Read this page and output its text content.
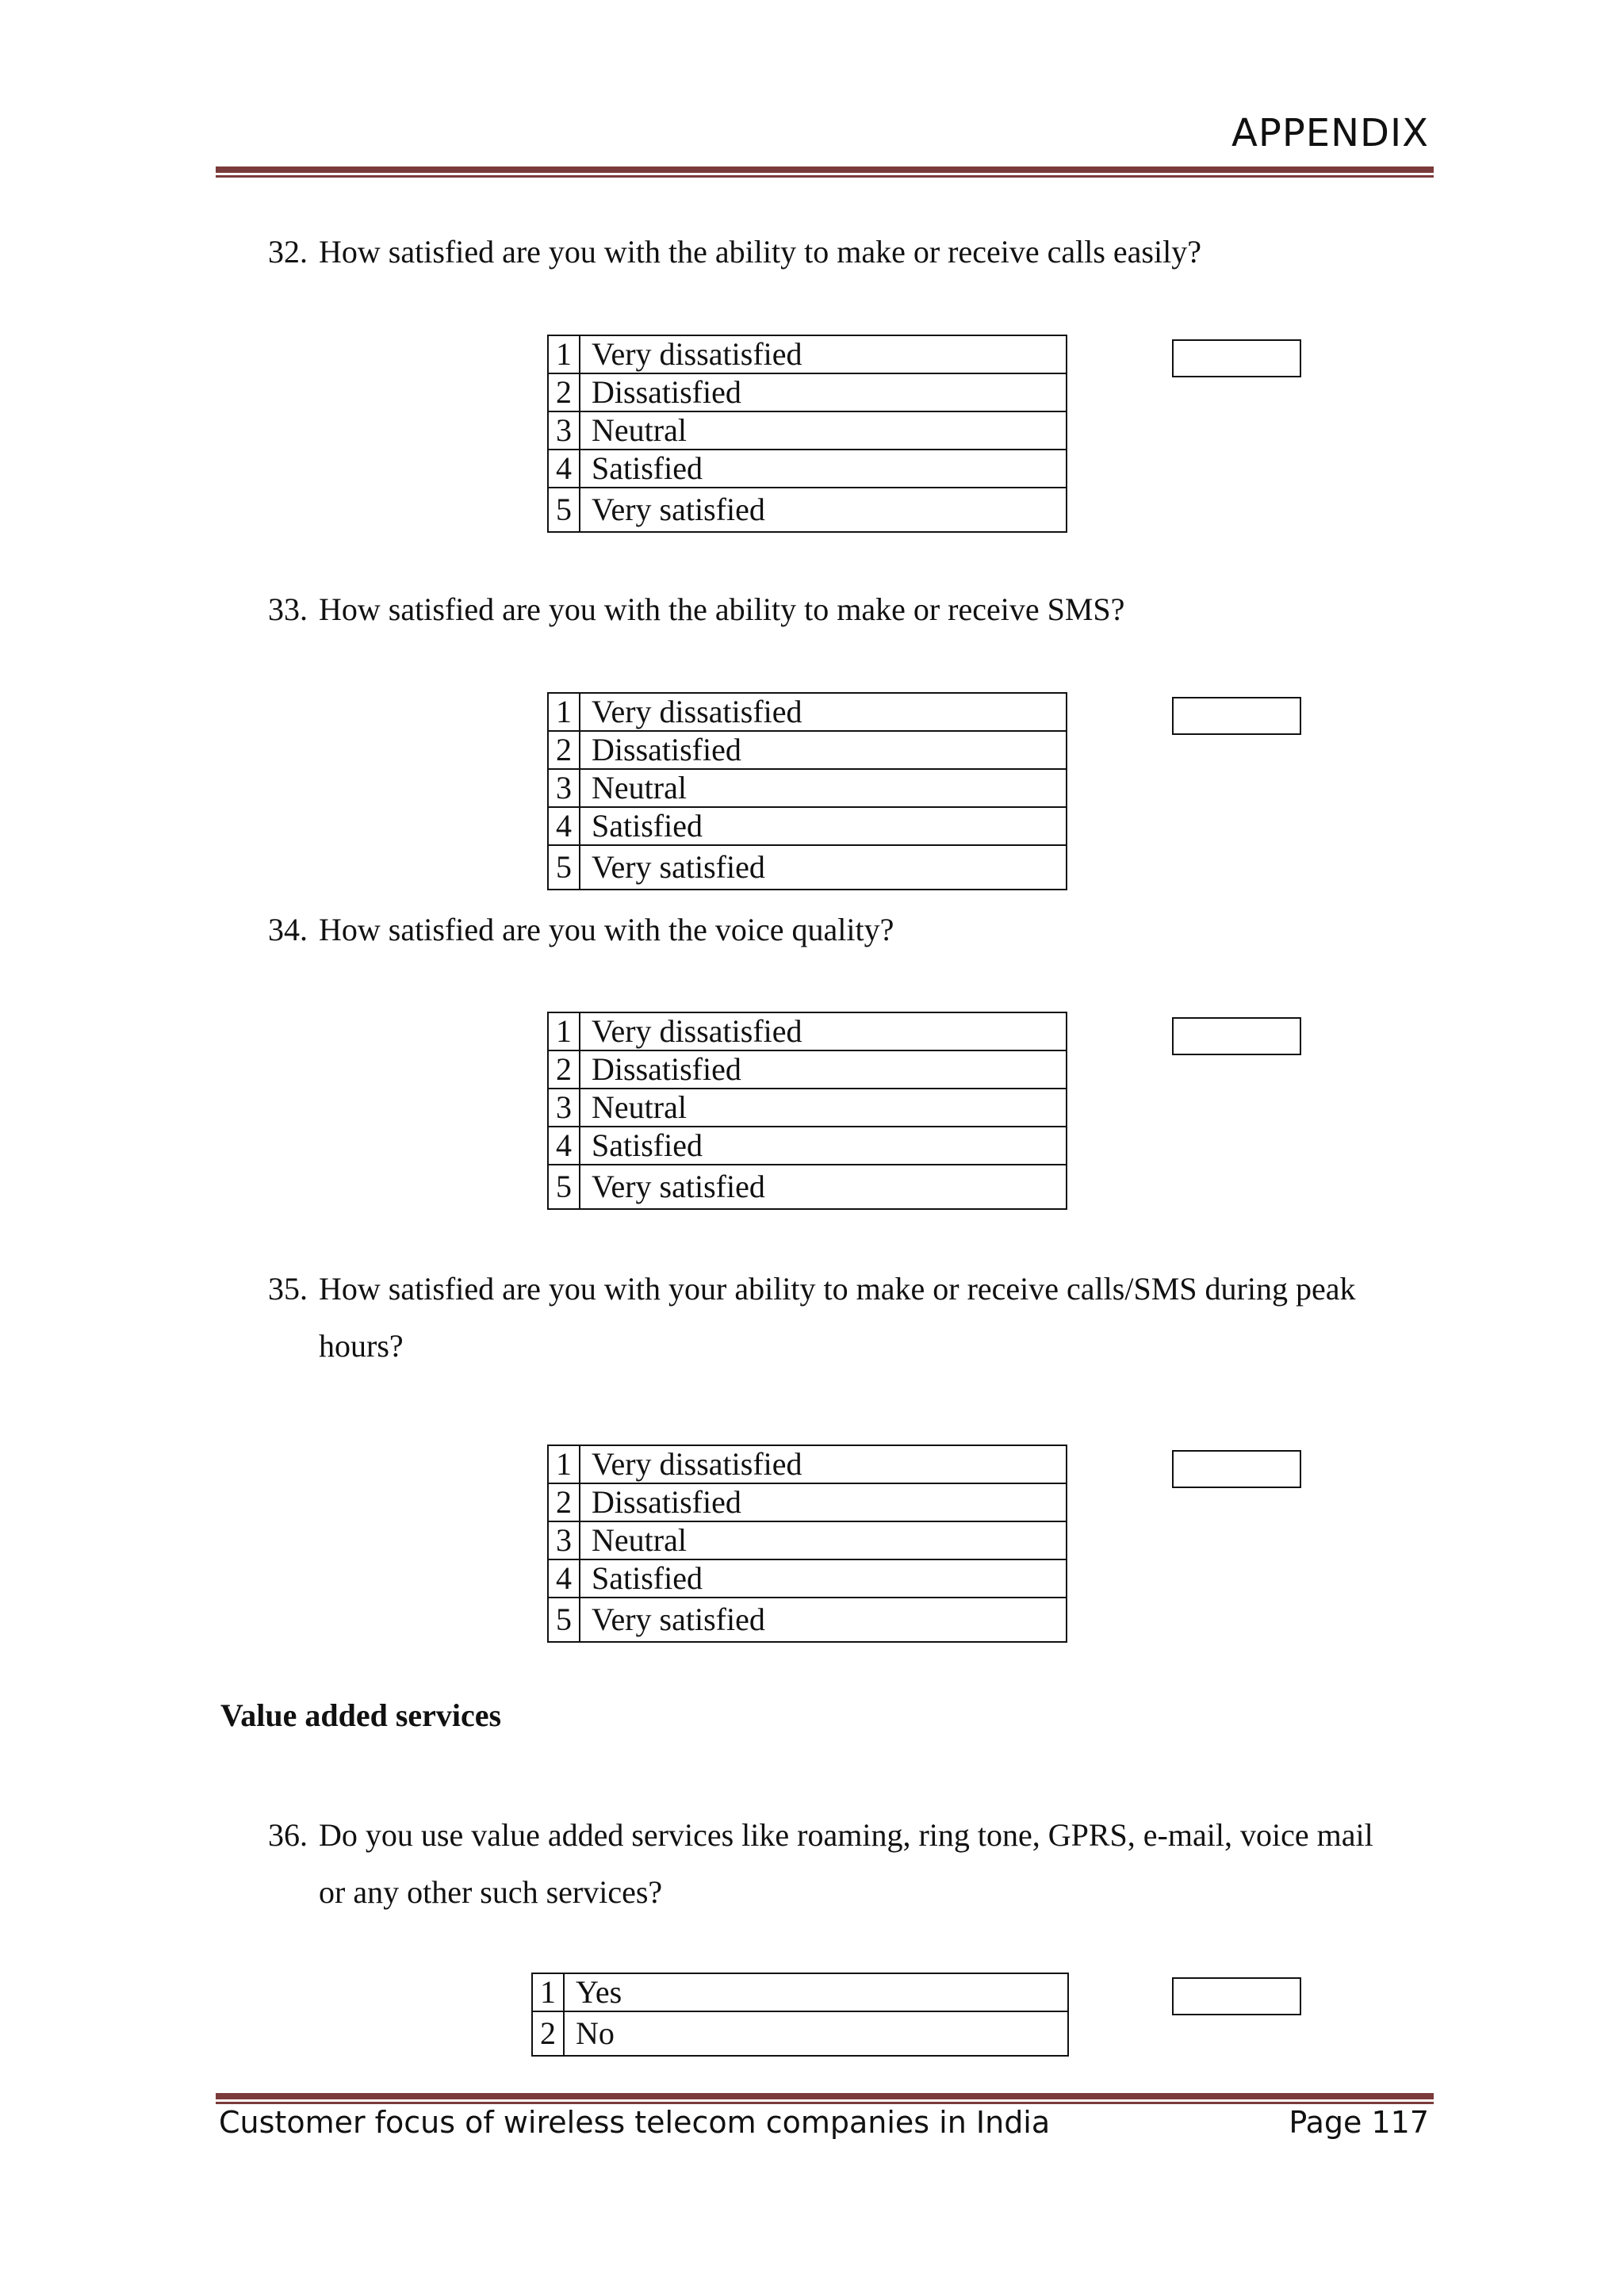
APPENDIX
32. How satisfied are you with the ability to make or receive calls easily?
1	Very dissatisfied
2	Dissatisfied
3	Neutral
4	Satisfied
5	Very satisfied
33. How satisfied are you with the ability to make or receive SMS?
1	Very dissatisfied
2	Dissatisfied
3	Neutral
4	Satisfied
5	Very satisfied
34. How satisfied are you with the voice quality?
1	Very dissatisfied
2	Dissatisfied
3	Neutral
4	Satisfied
5	Very satisfied
35. How satisfied are you with your ability to make or receive calls/SMS during peak
hours?
1	Very dissatisfied
2	Dissatisfied
3	Neutral
4	Satisfied
5	Very satisfied
Value added services
36. Do you use value added services like roaming, ring tone, GPRS, e-mail, voice mail
or any other such services?
1	Yes
2	No
Customer focus of wireless telecom companies in India	Page 117
